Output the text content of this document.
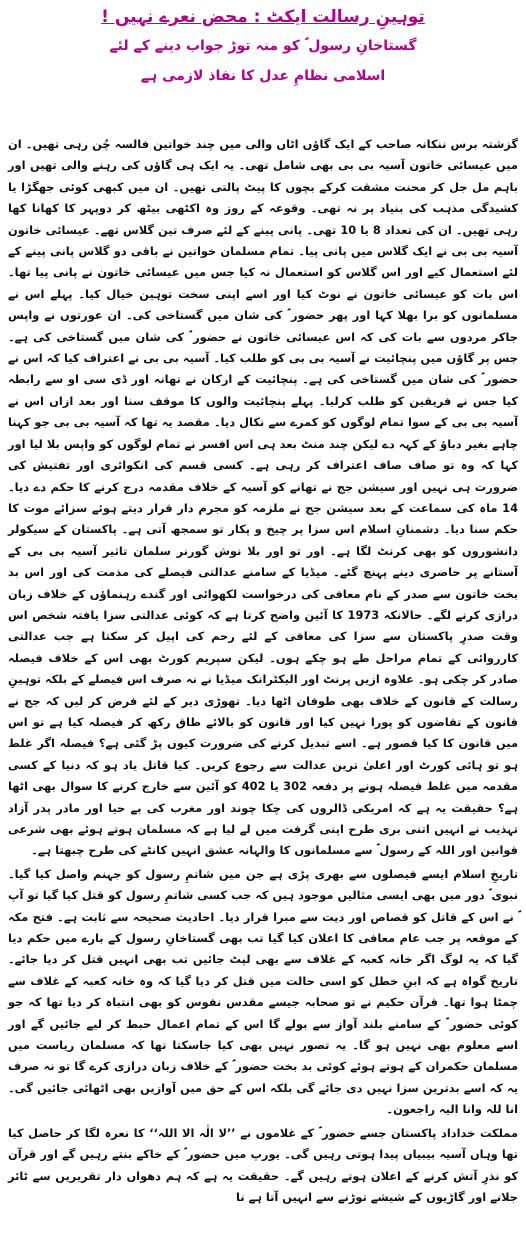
توہینِ رسالت ایکٹ : محض نعرے نہیں !

گستاخانِ رسول ؐ کو منہ توڑ جواب دینے کے لئے

اسلامی نظامِ عدل کا نفاذ لازمی ہے

گزشتہ برس ننکانہ صاحب کے ایک گاؤں اٹاں والی میں چند خواتین فالسہ چُن رہی تھیں۔ ان میں عیسائی خاتون آسیہ بی بی بھی شامل تھی۔ یہ ایک ہی گاؤں کی رہنے والی تھیں اور باہم مل جل کر محنت مشقت کرکے بچوں کا پیٹ پالتی تھیں۔ ان میں کبھی کوئی جھگڑا یا کشیدگی مذہب کی بنیاد پر نہ تھی۔ وقوعہ کے روز وہ اکٹھی بیٹھ کر دوپہر کا کھانا کھا رہی تھیں۔ ان کی تعداد 8 یا 10 تھی۔ پانی پینے کے لئے صرف تین گلاس تھے۔ عیسائی خاتون آسیہ بی بی نے ایک گلاس میں پانی پیا۔ تمام مسلمان خواتین نے باقی دو گلاس پانی پینے کے لئے استعمال کیے اور اس گلاس کو استعمال نہ کیا جس میں عیسائی خاتون نے پانی پیا تھا۔ اس بات کو عیسائی خاتون نے نوٹ کیا اور اسے اپنی سخت توہین خیال کیا۔ پہلے اس نے مسلمانوں کو برا بھلا کہا اور پھر حضور ؐ کی شان میں گستاخی کی۔ ان عورتوں نے واپس جاکر مردوں سے بات کی کہ اس عیسائی خاتون نے حضور ؐ کی شان میں گستاخی کی ہے۔ جس پر گاؤں میں پنچائیت نے آسیہ بی بی کو طلب کیا۔ آسیہ بی بی نے اعتراف کیا کہ اس نے حضور ؐ کی شان میں گستاخی کی ہے۔ پنچائیت کے ارکان نے تھانہ اور ڈی سی او سے رابطہ کیا جس نے فریقین کو طلب کرلیا۔ پہلے پنچائیت والوں کا موقف سنا اور بعد ازاں اس نے آسیہ بی بی کے سوا تمام لوگوں کو کمرے سے نکال دیا۔ مقصد یہ تھا کہ آسیہ بی بی جو کہنا چاہے بغیر دباؤ کے کہہ دے لیکن چند منٹ بعد ہی اس افسر نے تمام لوگوں کو واپس بلا لیا اور کہا کہ وہ تو صاف صاف اعتراف کر رہی ہے۔ کسی قسم کی انکوائری اور تفتیش کی ضرورت ہی نہیں اور سیشن جج نے تھانے کو آسیہ کے خلاف مقدمہ درج کرنے کا حکم دے دیا۔ 14 ماہ کی سماعت کے بعد سیشن جج نے ملزمہ کو مجرم دار قرار دیتے ہوئے سزائے موت کا حکم سنا دیا۔ دشمنانِ اسلام اس سزا پر چیخ و پکار تو سمجھ آتی ہے۔ پاکستان کے سیکولر دانشوروں کو بھی کرنٹ لگا ہے۔ اور تو اور بلا نوش گورنر سلمان تاثیر آسیہ بی بی کے آستانے پر حاضری دینے پہنچ گئے۔ میڈیا کے سامنے عدالتی فیصلے کی مذمت کی اور اس بد بخت خاتون سے صدر کے نام معافی کی درخواست لکھوائی اور گندے رہنماؤں کے خلاف زبان درازی کرنے لگے۔ حالانکہ 1973 کا آئین واضح کرتا ہے کہ کوئی عدالتی سزا یافتہ شخص اس وقت صدرِ پاکستان سے سزا کی معافی کے لئے رحم کی اپیل کر سکتا ہے جب عدالتی کارروائی کے تمام مراحل طے ہو چکے ہوں۔ لیکن سپریم کورٹ بھی اس کے خلاف فیصلہ صادر کر چکی ہو۔ علاوہ ازیں پرنٹ اور الیکٹرانک میڈیا نے نہ صرف اس فیصلے کے بلکہ توہینِ رسالت کے قانون کے خلاف بھی طوفان اٹھا دیا۔ تھوڑی دیر کے لئے فرض کر لیں کہ جج نے قانون کے تقاضوں کو پورا نہیں کیا اور قانون کو بالائے طاق رکھ کر فیصلہ کیا ہے تو اس میں قانون کا کیا قصور ہے۔ اسے تبدیل کرنے کی ضرورت کیوں پڑ گئی ہے؟ فیصلہ اگر غلط ہو تو ہائی کورٹ اور اعلیٰ ترین عدالت سے رجوع کریں۔ کیا قاتل یاد ہو کہ دنیا کے کسی مقدمہ میں غلط فیصلہ ہونے پر دفعہ 302 یا 402 کو آئین سے خارج کرنے کا سوال بھی اٹھا ہے؟ حقیقت یہ ہے کہ امریکی ڈالروں کی چکا چوند اور مغرب کی بے حیا اور مادر پدر آزاد تہذیب نے انہیں اتنی بری طرح اپنی گرفت میں لے لیا ہے کہ مسلمان ہوتے ہوئے بھی شرعی قوانین اور اللہ کے رسول ؐ سے مسلمانوں کا والہانہ عشق انہیں کانٹے کی طرح چبھتا ہے۔

تاریخِ اسلام ایسے فیصلوں سے بھری پڑی ہے جن میں شاتمِ رسول کو جہنم واصل کیا گیا۔ نبوی ؐ دور میں بھی ایسی مثالیں موجود ہیں کہ جب کسی شاتمِ رسول کو قتل کیا گیا تو آپ ؐ نے اس کے قاتل کو قصاص اور دیت سے مبرا قرار دیا۔ احادیث صحیحہ سے ثابت ہے۔ فتح مکہ کے موقعہ پر جب عام معافی کا اعلان کیا گیا تب بھی گستاخانِ رسول کے بارے میں حکم دیا گیا کہ یہ لوگ اگر خانہ کعبہ کے غلاف سے بھی لپٹ جائیں تب بھی انہیں قتل کر دیا جائے۔ تاریخ گواہ ہے کہ ابنِ خطل کو اسی حالت میں قتل کر دیا گیا کہ وہ خانہ کعبہ کے غلاف سے چمٹا ہوا تھا۔ قرآن حکیم نے تو صحابہ جیسے مقدس نفوس کو بھی انتباہ کر دیا تھا کہ جو کوئی حضور ؐ کے سامنے بلند آواز سے بولے گا اس کے تمام اعمال حبط کر لیے جائیں گے اور اسے معلوم بھی نہیں ہو گا۔ یہ تصور نہیں بھی کیا جاسکتا تھا کہ مسلمان ریاست میں مسلمان حکمران کے ہوتے ہوئے کوئی بد بخت حضور ؐ کے خلاف زبان درازی کرے گا تو نہ صرف یہ کہ اسے بدترین سزا نہیں دی جائے گی بلکہ اس کے حق میں آوازیں بھی اٹھائی جائیں گی۔ انا للہ وانا الیہ راجعون۔

مملکت خداداد پاکستان جسے حضور ؐ کے غلاموں نے ’’لا الٰہ الا اللہ‘‘ کا نعرہ لگا کر حاصل کیا تھا وہاں آسیہ بیبیاں پیدا ہوتی رہیں گی۔ یورپ میں حضور ؐ کے خاکے بنتے رہیں گے اور قرآن کو نذرِ آتش کرنے کے اعلان ہوتے رہیں گے۔ حقیقت یہ ہے کہ ہم دھواں دار تقریریں سے ٹائر جلانے اور گاڑیوں کے شیشے توڑنے سے انہیں آتا ہے نا
